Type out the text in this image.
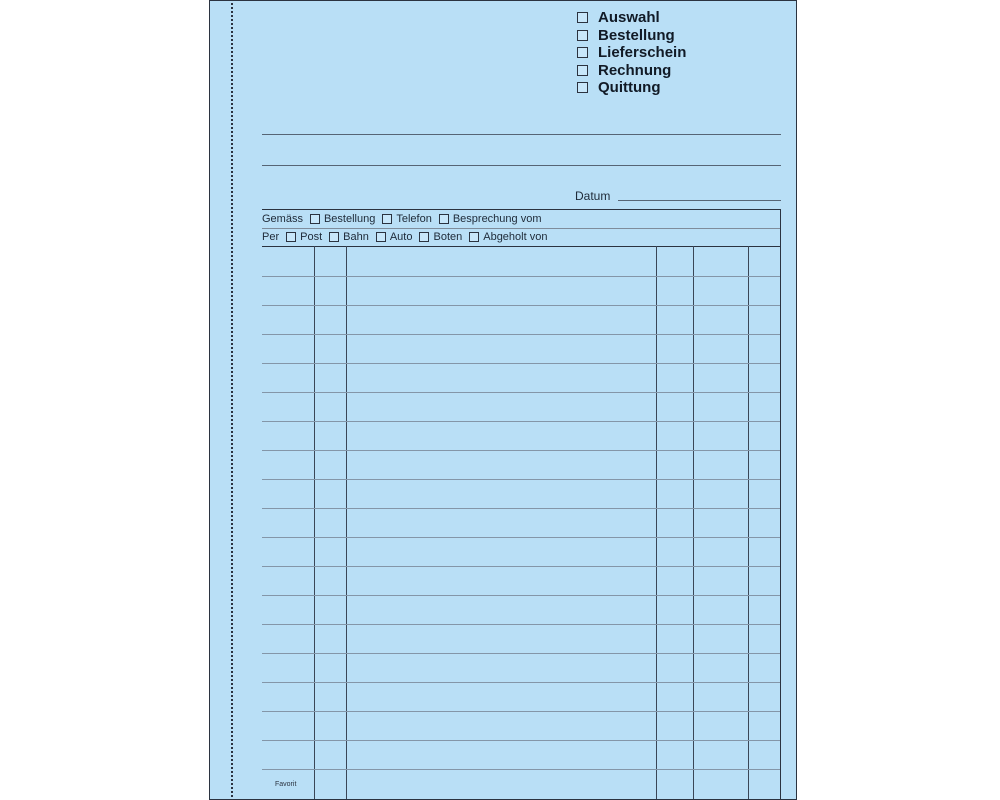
Auswahl
Bestellung
Lieferschein
Rechnung
Quittung
Datum
Gemäss Bestellung Telefon Besprechung vom
Per Post Bahn Auto Boten Abgeholt von
Favorit
